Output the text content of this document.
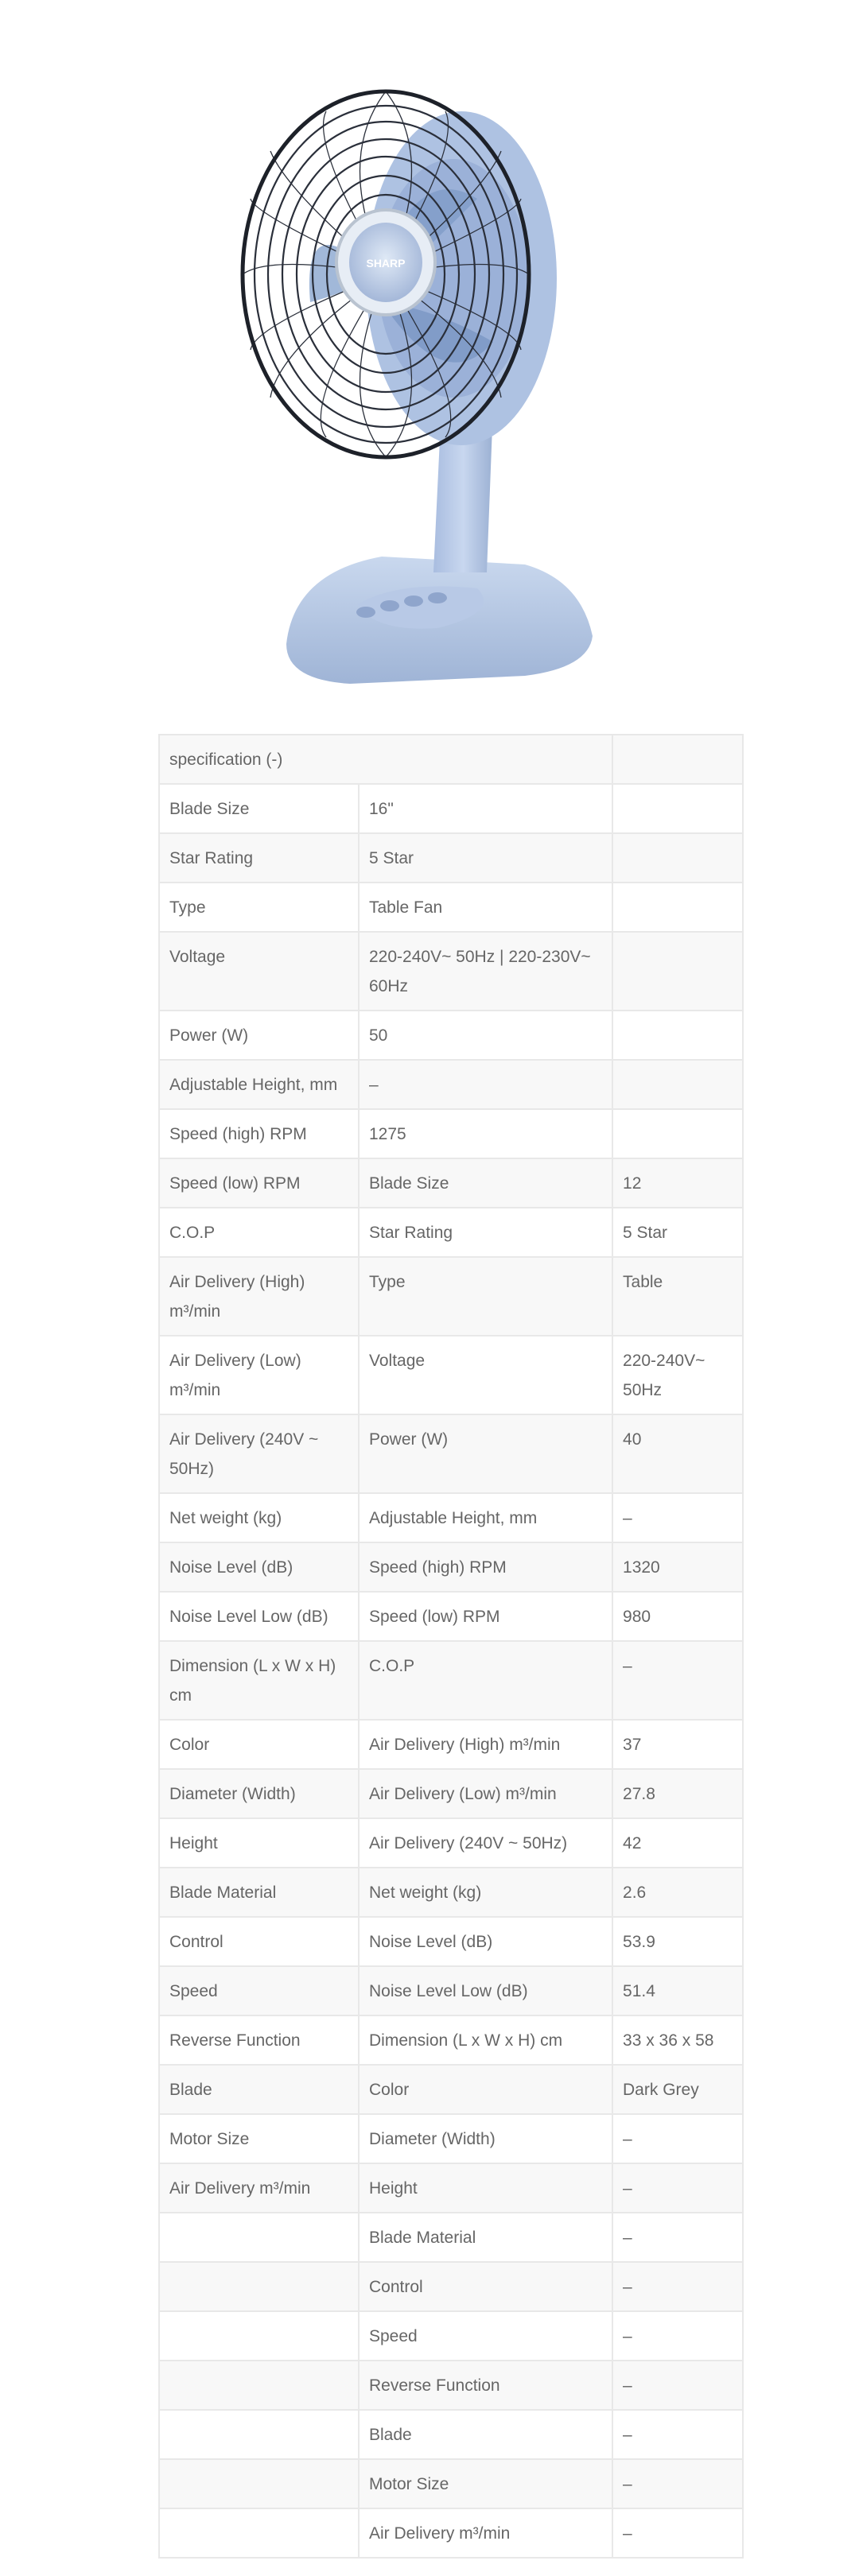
SHARP
specification (-)		
Blade Size	16"	
Star Rating	5 Star	
Type	Table Fan	
Voltage	220-240V~ 50Hz | 220-230V~ 60Hz	
Power (W)	50	
Adjustable Height, mm	–	
Speed (high) RPM	1275	
Speed (low) RPM	Blade Size	12
C.O.P	Star Rating	5 Star
Air Delivery (High) m³/min	Type	Table
Air Delivery (Low) m³/min	Voltage	220-240V~ 50Hz
Air Delivery (240V ~ 50Hz)	Power (W)	40
Net weight (kg)	Adjustable Height, mm	–
Noise Level (dB)	Speed (high) RPM	1320
Noise Level Low (dB)	Speed (low) RPM	980
Dimension (L x W x H) cm	C.O.P	–
Color	Air Delivery (High) m³/min	37
Diameter (Width)	Air Delivery (Low) m³/min	27.8
Height	Air Delivery (240V ~ 50Hz)	42
Blade Material	Net weight (kg)	2.6
Control	Noise Level (dB)	53.9
Speed	Noise Level Low (dB)	51.4
Reverse Function	Dimension (L x W x H) cm	33 x 36 x 58
Blade	Color	Dark Grey
Motor Size	Diameter (Width)	–
Air Delivery m³/min	Height	–
	Blade Material	–
	Control	–
	Speed	–
	Reverse Function	–
	Blade	–
	Motor Size	–
	Air Delivery m³/min	–
